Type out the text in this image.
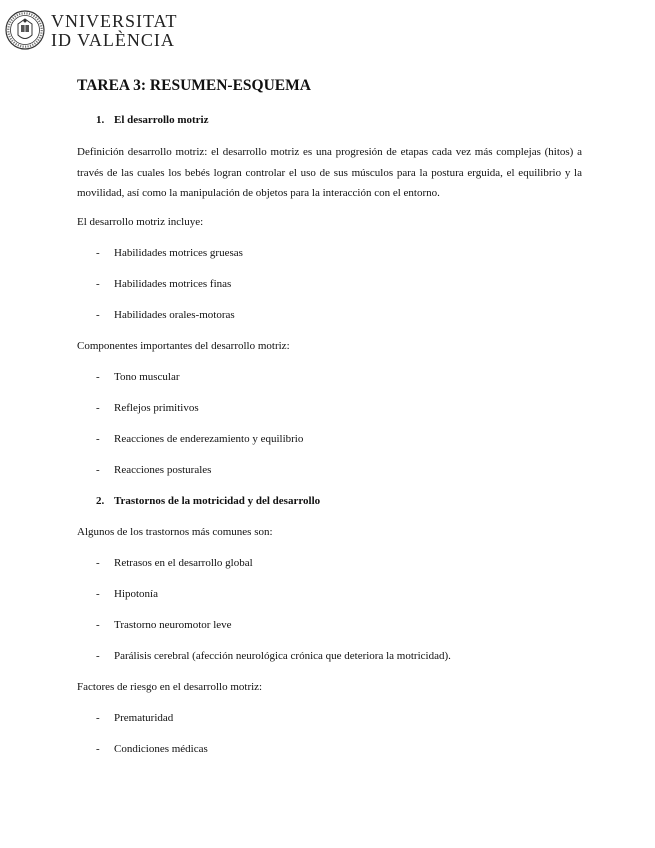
VNIVERSITAT
ID VALÈNCIA
TAREA 3: RESUMEN-ESQUEMA
1. El desarrollo motriz

Definición desarrollo motriz: el desarrollo motriz es una progresión de etapas cada vez más complejas (hitos) a través de las cuales los bebés logran controlar el uso de sus músculos para la postura erguida, el equilibrio y la movilidad, así como la manipulación de objetos para la interacción con el entorno.

El desarrollo motriz incluye:

- Habilidades motrices gruesas

- Habilidades motrices finas

- Habilidades orales-motoras

Componentes importantes del desarrollo motriz:

- Tono muscular

- Reflejos primitivos

- Reacciones de enderezamiento y equilibrio

- Reacciones posturales

2. Trastornos de la motricidad y del desarrollo

Algunos de los trastornos más comunes son:

- Retrasos en el desarrollo global

- Hipotonía

- Trastorno neuromotor leve

- Parálisis cerebral (afección neurológica crónica que deteriora la motricidad).

Factores de riesgo en el desarrollo motriz:

- Prematuridad

- Condiciones médicas
